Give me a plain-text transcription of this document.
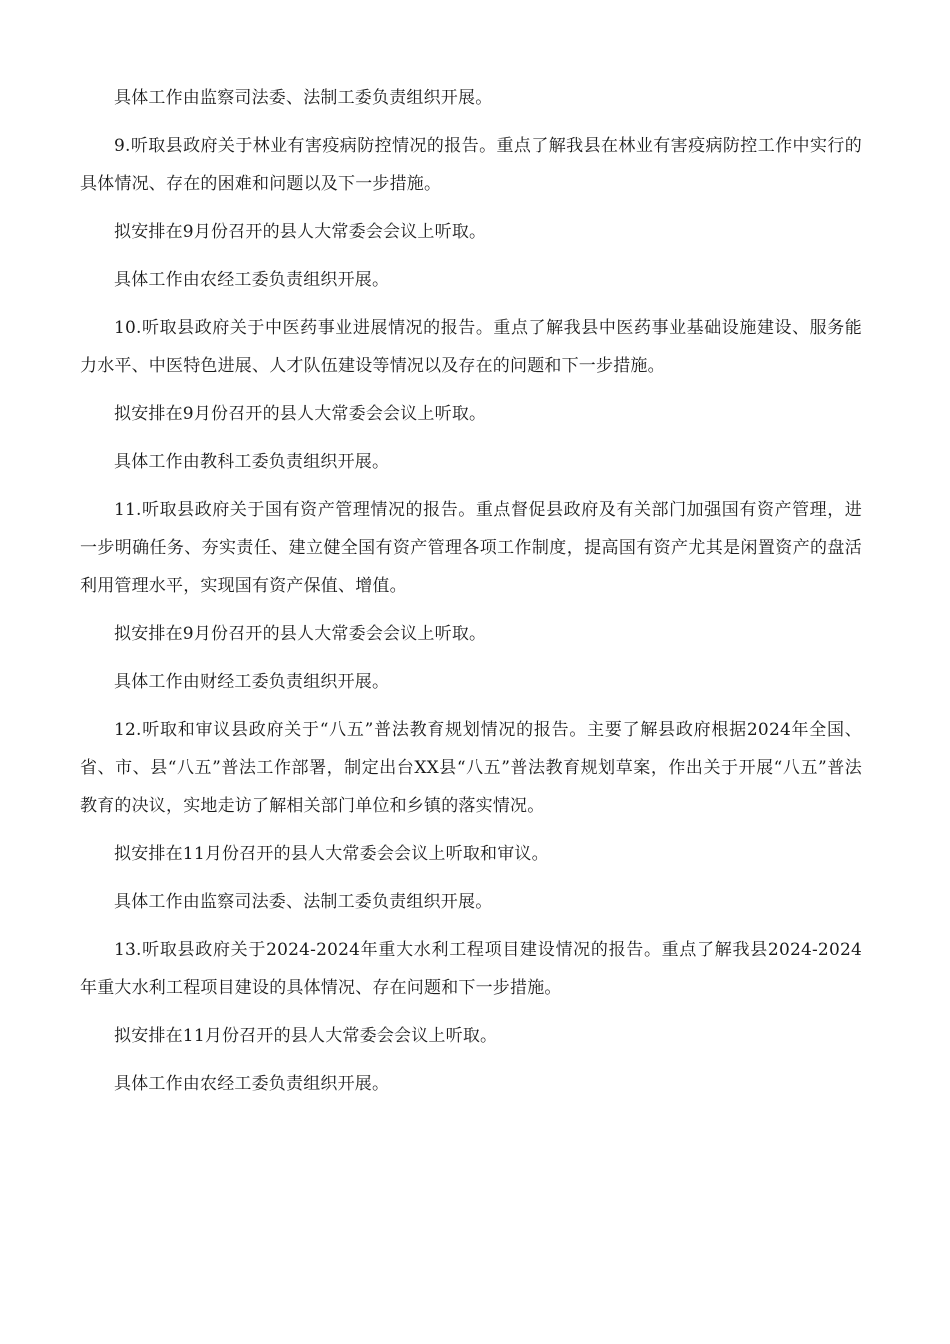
具体工作由监察司法委、法制工委负责组织开展。

9.听取县政府关于林业有害疫病防控情况的报告。重点了解我县在林业有害疫病防控工作中实行的具体情况、存在的困难和问题以及下一步措施。

拟安排在9月份召开的县人大常委会会议上听取。

具体工作由农经工委负责组织开展。

10.听取县政府关于中医药事业进展情况的报告。重点了解我县中医药事业基础设施建设、服务能力水平、中医特色进展、人才队伍建设等情况以及存在的问题和下一步措施。

拟安排在9月份召开的县人大常委会会议上听取。

具体工作由教科工委负责组织开展。

11.听取县政府关于国有资产管理情况的报告。重点督促县政府及有关部门加强国有资产管理，进一步明确任务、夯实责任、建立健全国有资产管理各项工作制度，提高国有资产尤其是闲置资产的盘活利用管理水平，实现国有资产保值、增值。

拟安排在9月份召开的县人大常委会会议上听取。

具体工作由财经工委负责组织开展。

12.听取和审议县政府关于“八五”普法教育规划情况的报告。主要了解县政府根据2024年全国、省、市、县“八五”普法工作部署，制定出台XX县“八五”普法教育规划草案，作出关于开展“八五”普法教育的决议，实地走访了解相关部门单位和乡镇的落实情况。

拟安排在11月份召开的县人大常委会会议上听取和审议。

具体工作由监察司法委、法制工委负责组织开展。

13.听取县政府关于2024-2024年重大水利工程项目建设情况的报告。重点了解我县2024-2024年重大水利工程项目建设的具体情况、存在问题和下一步措施。

拟安排在11月份召开的县人大常委会会议上听取。

具体工作由农经工委负责组织开展。
